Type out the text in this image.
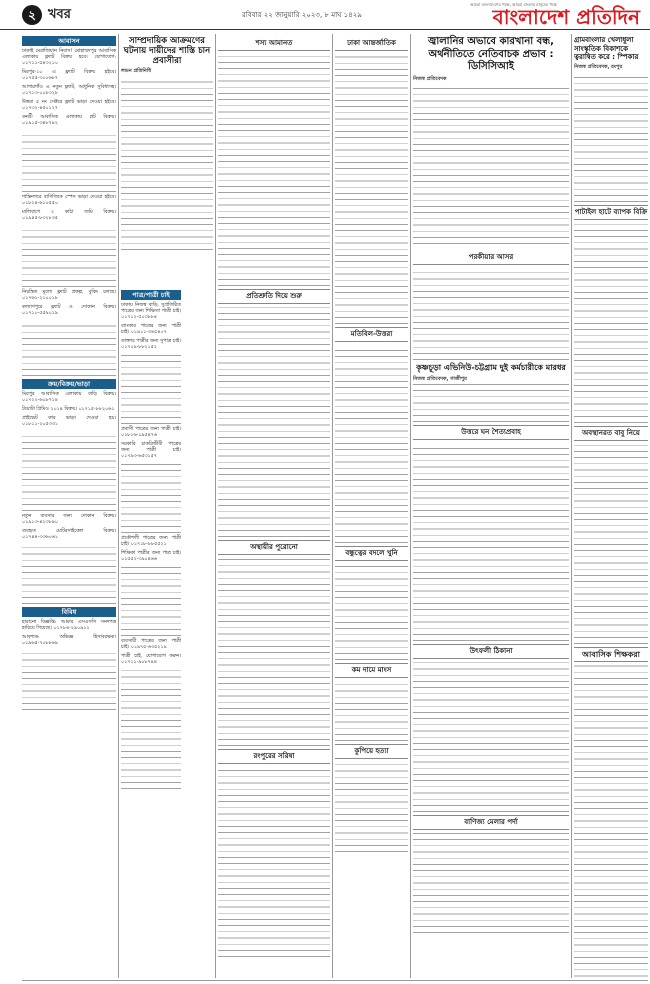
২ খবর	রবিবার ২২ জানুয়ারি ২০২৩, ৮ মাঘ ১৪২৯
আমরা বাংলাদেশের পক্ষে, আমরা বাংলার মানুষের পক্ষে
বাংলাদেশ প্রতিদিন
আবাসন
ঢাকাই মেরাজিয়ান নিবাস! মোহাম্মদপুর আবাসিক এলাকায় ফ্ল্যাট বিক্রয় হবে। যোগাযোগ: ০১৭১১-৫৪৩২১০
মিরপুর-১০ এ ফ্ল্যাট বিক্রয় হইবে। ০১৭৫৫-৩০০৬৮৭
আগারগাঁও এ নতুন ফ্ল্যাট, আধুনিক সুবিধাসহ। ০১৭১৩-০০৮৩২৮
উত্তরা ৫ নং সেক্টরে ফ্ল্যাট ভাড়া দেওয়া হইবে। ০১৭৩২-৪৫০১২৭
বনশ্রী আবাসিক এলাকায় প্লট বিক্রয়। ০১৯১৫-৩৪৮৭৯২
শান্তিনগরে বাণিজ্যিক স্পেস ভাড়া দেওয়া হইবে। ০১৮২৪-৬১০৫৫০
মালিবাগে ২ কাঠা জমি বিক্রয়। ০১৯৪৫-৮৩২৮৩৫
নিয়ন্ত্রিত মূল্যে ফ্ল্যাট প্রকল্প, বুকিং চলছে। ০১৭৬১-২১০০১৮
কল্যাণপুরে ফ্ল্যাট ও দোকান বিক্রয়। ০১৭১০-৫৫৯০১৯
ক্রয়/বিক্রয়/ভাড়া
মিরপুর আবাসিক এলাকায় বাড়ি বিক্রয়। ০১৭২২-৬০৮৭১৪
টয়োটা প্রিমিও ২০১৪ বিক্রয়। ০১৭১৫-৮৮২০৬১
প্রাইভেট কার ভাড়া দেওয়া হয়। ০১৮১১-২০৫৩৩১
নতুন ব্যবসার জন্য দোকান বিক্রয়। ০১৯১৩-৪২৩৮৯০
ব্যবহৃত মোটরসাইকেল বিক্রয়। ০১৭৪৪-৩৩৬০৬১
বিবিধ
হারানো বিজ্ঞপ্তি: আমার এসএসসি সনদপত্র হারিয়ে গিয়েছে। ০১৭৮৪-২৯০৯১২
আবশ্যক: অভিজ্ঞ হিসাবরক্ষক। ০১৯৬৫-৭০৮৮৬৯
পাত্র/পাত্রী চাই
ঢাকায় নিজস্ব বাড়ি, সুপ্রতিষ্ঠিত পাত্রের জন্য শিক্ষিতা পাত্রী চাই। ০১৭১২-৫০৩৮৮৪
ব্যাংকার পাত্রের জন্য পাত্রী চাই। ০১৯১১-৩৪৫৪০৭
ডাক্তার পাত্রীর জন্য সুপাত্র চাই। ০১৭০৯-৮৮২১৫২
প্রবাসী পাত্রের জন্য পাত্রী চাই। ০১৮১৬-১৯৫৪৭৬
সরকারি চাকরিজীবী পাত্রের জন্য পাত্রী চাই। ০১৭৯৩-৬৫৩১৫৭
প্রকৌশলী পাত্রের জন্য পাত্রী চাই। ০১৭১৮-৮৮৫৫২১
শিক্ষিকা পাত্রীর জন্য পাত্র চাই। ০১৫৫২-৩৯০৪৬৬
ব্যবসায়ী পাত্রের জন্য পাত্রী চাই। ০১৯৭৫-৬৩৫২১৯
পাত্রী চাই, যোগাযোগ করুন। ০১৭১১-৯০৮৭৪৪
সাম্প্রদায়িক আক্রমণের ঘটনায় দায়ীদের শাস্তি চান প্রবাসীরা
লন্ডন প্রতিনিধি
শস্য আমানত
প্রতিশ্রুতি দিয়ে শুরু
অস্থায়ীর পুরোনো
রংপুরের সরিষা
ঢাকা আন্তর্জাতিক
মতিবিল-উত্তরা
বন্ধুত্বের বদলে খুনি
কম দামে মাংস
কুপিয়ে হত্যা
জ্বালানির অভাবে কারখানা বন্ধ, অর্থনীতিতে নেতিবাচক প্রভাব : ডিসিসিআই
নিজস্ব প্রতিবেদক
পরকীয়ার আসর
কৃষ্ণচূড়া এভিনিউ-চট্টগ্রাম দুই কর্মচারীকে মারধর
নিজস্ব প্রতিবেদক, গাজীপুর
উত্তরে ঘন শৈত্যপ্রবাহ
উৎফলী ঠিকানা
বাণিজ্য মেলার পর্দা
গ্রামবাংলার খেলাধুলা সাংস্কৃতিক বিকাশকে ত্বরান্বিত করে : স্পিকার
নিজস্ব প্রতিবেদক, রংপুর
পাটাইল হাটে ব্যাপক বিক্রি
অবস্থানরত বাবু নিয়ে
আবাসিক শিক্ষকরা
